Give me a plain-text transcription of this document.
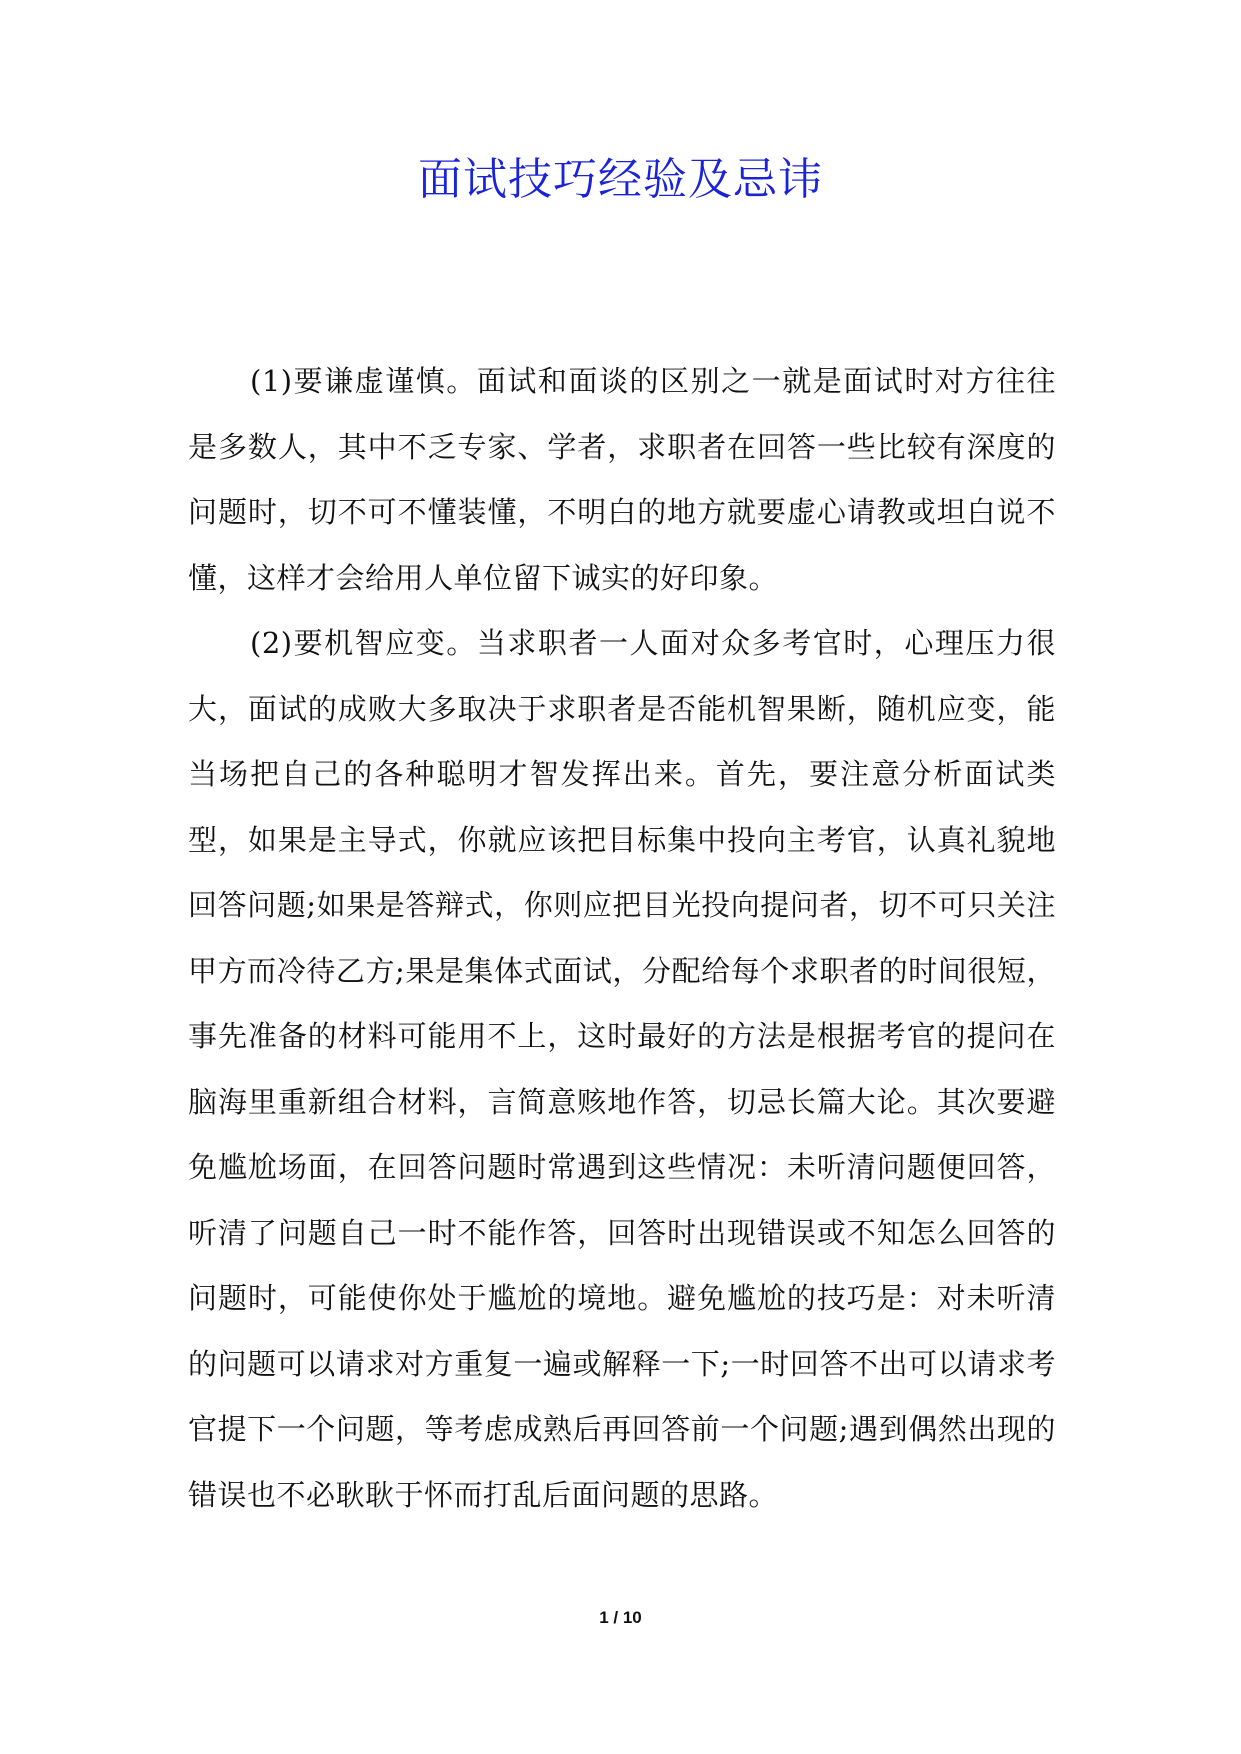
面试技巧经验及忌讳

(1)要谦虚谨慎。面试和面谈的区别之一就是面试时对方往往是多数人，其中不乏专家、学者，求职者在回答一些比较有深度的问题时，切不可不懂装懂，不明白的地方就要虚心请教或坦白说不懂，这样才会给用人单位留下诚实的好印象。

(2)要机智应变。当求职者一人面对众多考官时，心理压力很大，面试的成败大多取决于求职者是否能机智果断，随机应变，能当场把自己的各种聪明才智发挥出来。首先，要注意分析面试类型，如果是主导式，你就应该把目标集中投向主考官，认真礼貌地回答问题;如果是答辩式，你则应把目光投向提问者，切不可只关注甲方而冷待乙方;果是集体式面试，分配给每个求职者的时间很短，事先准备的材料可能用不上，这时最好的方法是根据考官的提问在脑海里重新组合材料，言简意赅地作答，切忌长篇大论。其次要避免尴尬场面，在回答问题时常遇到这些情况：未听清问题便回答，听清了问题自己一时不能作答，回答时出现错误或不知怎么回答的问题时，可能使你处于尴尬的境地。避免尴尬的技巧是：对未听清的问题可以请求对方重复一遍或解释一下;一时回答不出可以请求考官提下一个问题，等考虑成熟后再回答前一个问题;遇到偶然出现的错误也不必耿耿于怀而打乱后面问题的思路。

1 / 10
